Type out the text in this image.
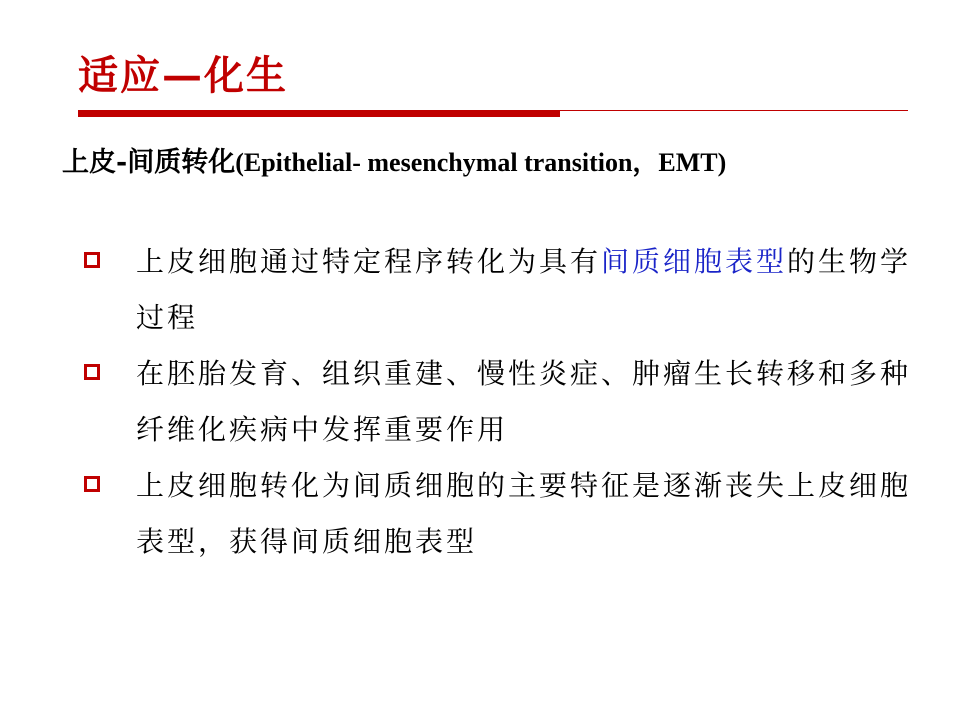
适应—化生
上皮-间质转化(Epithelial- mesenchymal transition，EMT)
上皮细胞通过特定程序转化为具有间质细胞表型的生物学过程
在胚胎发育、组织重建、慢性炎症、肿瘤生长转移和多种纤维化疾病中发挥重要作用
上皮细胞转化为间质细胞的主要特征是逐渐丧失上皮细胞表型，获得间质细胞表型
